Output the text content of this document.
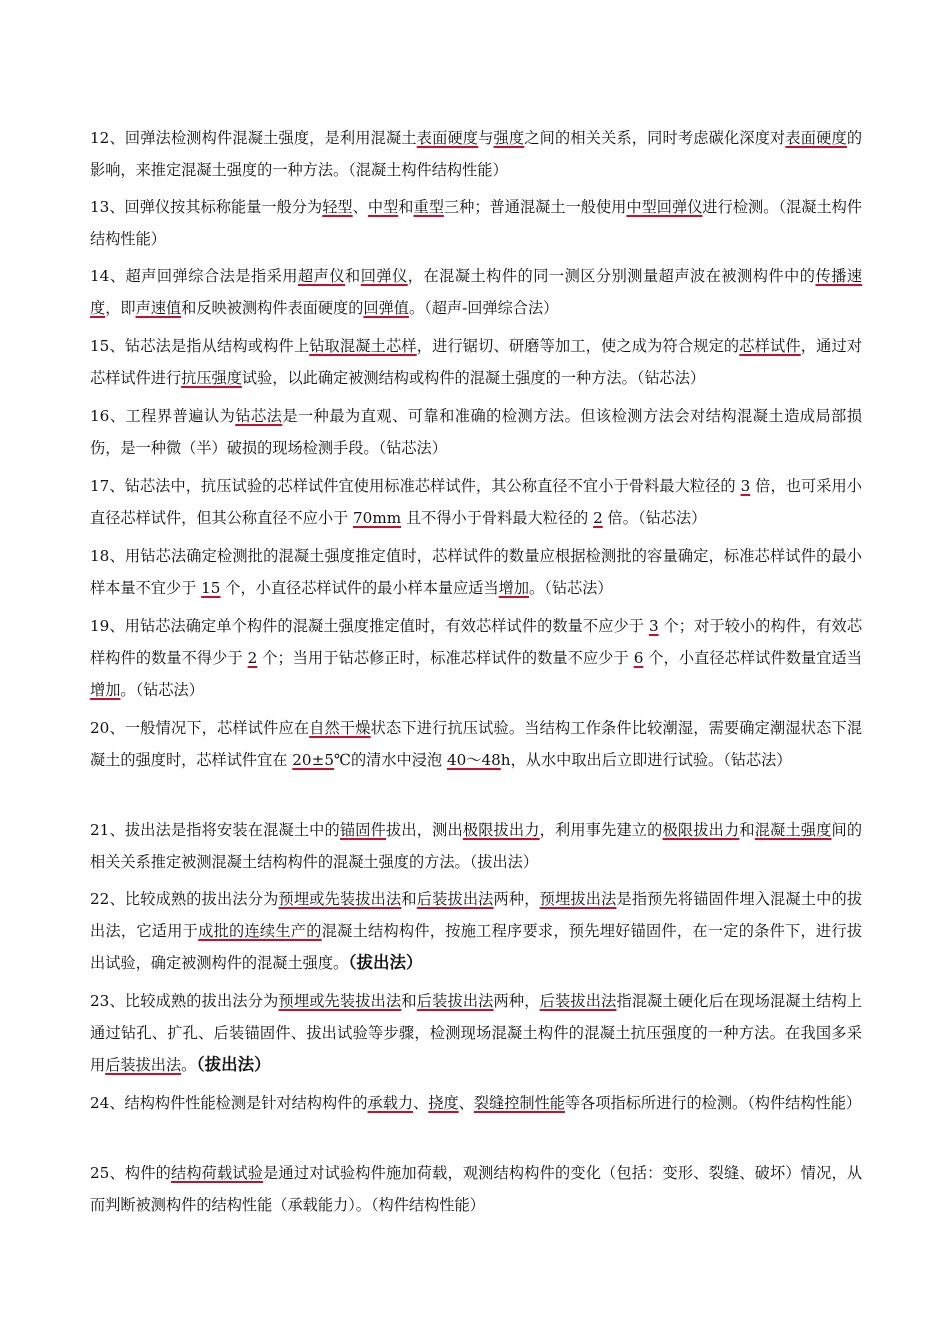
12、回弹法检测构件混凝土强度，是利用混凝土表面硬度与强度之间的相关关系，同时考虑碳化深度对表面硬度的影响，来推定混凝土强度的一种方法。（混凝土构件结构性能）

13、回弹仪按其标称能量一般分为轻型、中型和重型三种；普通混凝土一般使用中型回弹仪进行检测。（混凝土构件结构性能）

14、超声回弹综合法是指采用超声仪和回弹仪，在混凝土构件的同一测区分别测量超声波在被测构件中的传播速度，即声速值和反映被测构件表面硬度的回弹值。（超声-回弹综合法）

15、钻芯法是指从结构或构件上钻取混凝土芯样，进行锯切、研磨等加工，使之成为符合规定的芯样试件，通过对芯样试件进行抗压强度试验，以此确定被测结构或构件的混凝土强度的一种方法。（钻芯法）

16、工程界普遍认为钻芯法是一种最为直观、可靠和准确的检测方法。但该检测方法会对结构混凝土造成局部损伤，是一种微（半）破损的现场检测手段。（钻芯法）

17、钻芯法中，抗压试验的芯样试件宜使用标准芯样试件，其公称直径不宜小于骨料最大粒径的 3 倍，也可采用小直径芯样试件，但其公称直径不应小于 70mm 且不得小于骨料最大粒径的 2 倍。（钻芯法）

18、用钻芯法确定检测批的混凝土强度推定值时，芯样试件的数量应根据检测批的容量确定，标准芯样试件的最小样本量不宜少于 15 个，小直径芯样试件的最小样本量应适当增加。（钻芯法）

19、用钻芯法确定单个构件的混凝土强度推定值时，有效芯样试件的数量不应少于 3 个；对于较小的构件，有效芯样构件的数量不得少于 2 个；当用于钻芯修正时，标准芯样试件的数量不应少于 6 个，小直径芯样试件数量宜适当增加。（钻芯法）

20、一般情况下，芯样试件应在自然干燥状态下进行抗压试验。当结构工作条件比较潮湿，需要确定潮湿状态下混凝土的强度时，芯样试件宜在 20±5℃的清水中浸泡 40～48h，从水中取出后立即进行试验。（钻芯法）

21、拔出法是指将安装在混凝土中的锚固件拔出，测出极限拔出力，利用事先建立的极限拔出力和混凝土强度间的相关关系推定被测混凝土结构构件的混凝土强度的方法。（拔出法）

22、比较成熟的拔出法分为预埋或先装拔出法和后装拔出法两种，预埋拔出法是指预先将锚固件埋入混凝土中的拔出法，它适用于成批的连续生产的混凝土结构构件，按施工程序要求，预先埋好锚固件，在一定的条件下，进行拔出试验，确定被测构件的混凝土强度。（拔出法）

23、比较成熟的拔出法分为预埋或先装拔出法和后装拔出法两种，后装拔出法指混凝土硬化后在现场混凝土结构上通过钻孔、扩孔、后装锚固件、拔出试验等步骤，检测现场混凝土构件的混凝土抗压强度的一种方法。在我国多采用后装拔出法。（拔出法）

24、结构构件性能检测是针对结构构件的承载力、挠度、裂缝控制性能等各项指标所进行的检测。（构件结构性能）

25、构件的结构荷载试验是通过对试验构件施加荷载，观测结构构件的变化（包括：变形、裂缝、破坏）情况，从而判断被测构件的结构性能（承载能力）。（构件结构性能）
